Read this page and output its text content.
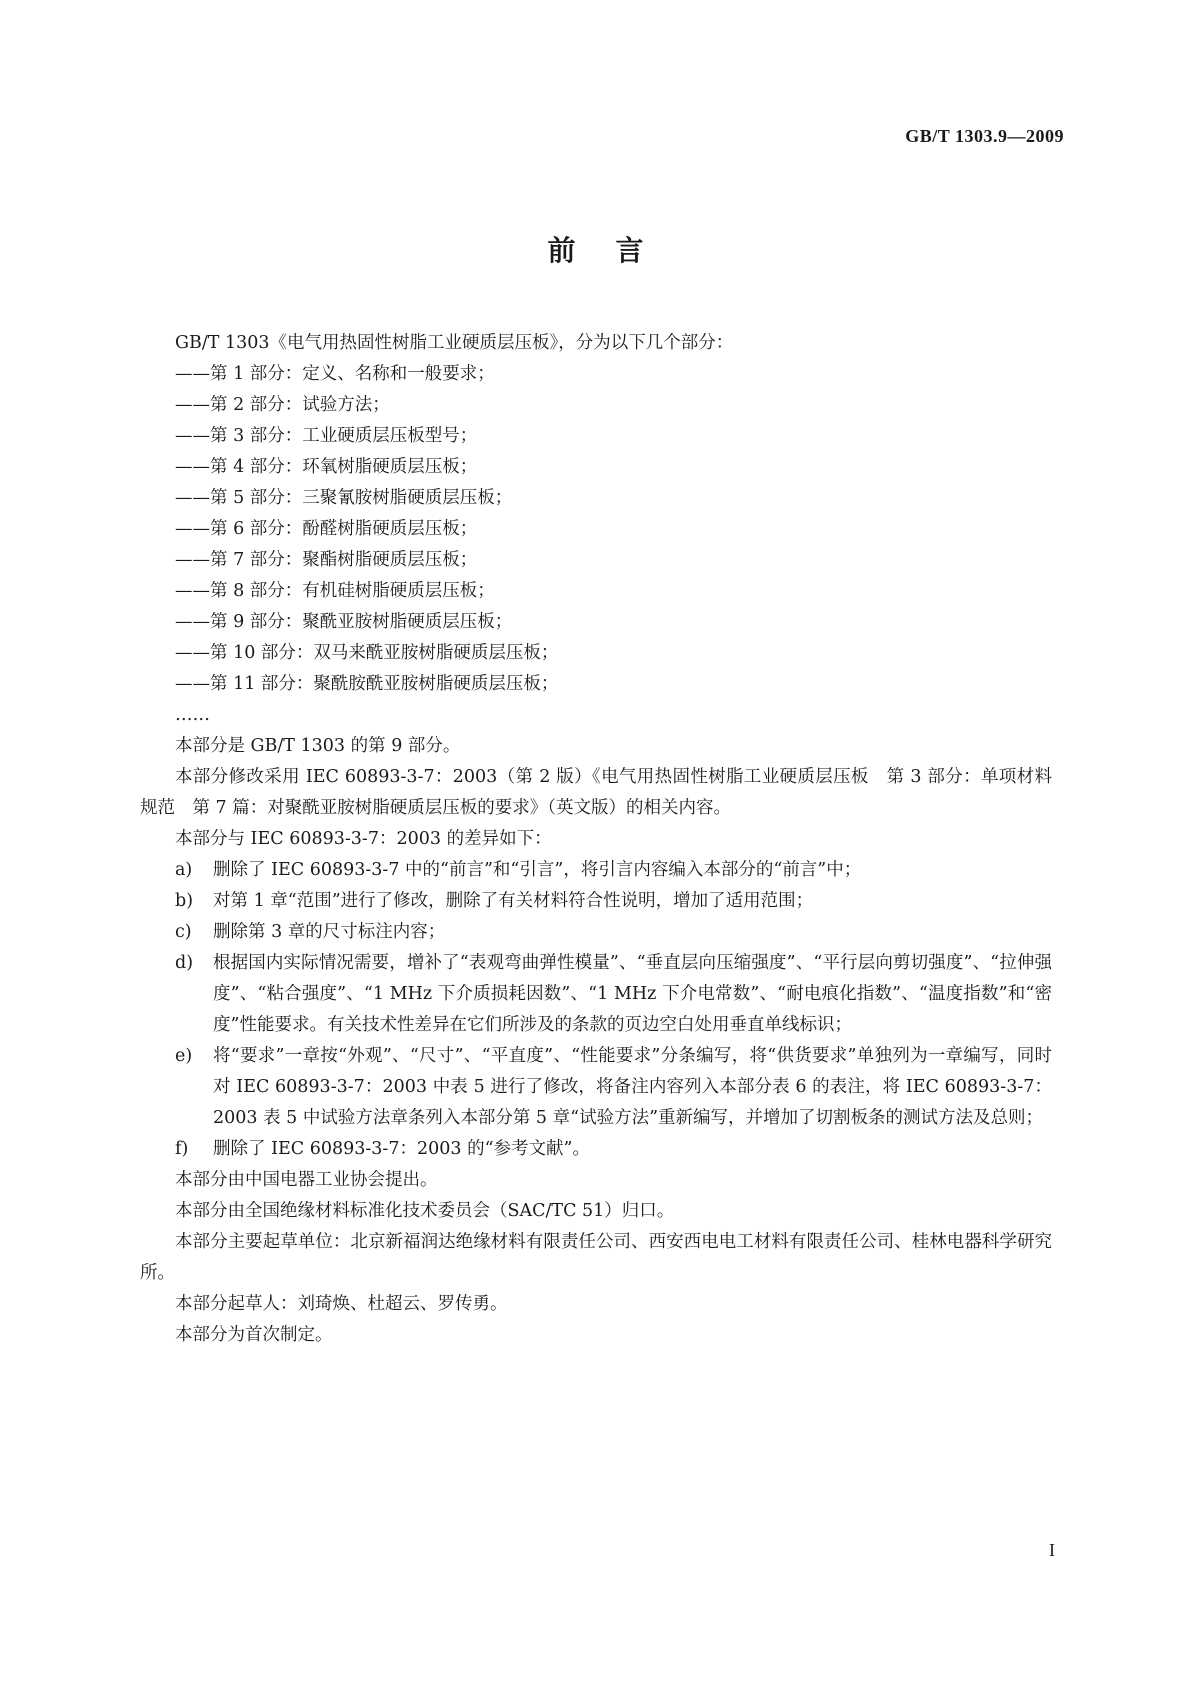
GB/T 1303.9—2009
前言

GB/T 1303《电气用热固性树脂工业硬质层压板》，分为以下几个部分：

——第 1 部分：定义、名称和一般要求；

——第 2 部分：试验方法；

——第 3 部分：工业硬质层压板型号；

——第 4 部分：环氧树脂硬质层压板；

——第 5 部分：三聚氰胺树脂硬质层压板；

——第 6 部分：酚醛树脂硬质层压板；

——第 7 部分：聚酯树脂硬质层压板；

——第 8 部分：有机硅树脂硬质层压板；

——第 9 部分：聚酰亚胺树脂硬质层压板；

——第 10 部分：双马来酰亚胺树脂硬质层压板；

——第 11 部分：聚酰胺酰亚胺树脂硬质层压板；

……

本部分是 GB/T 1303 的第 9 部分。

本部分修改采用 IEC 60893-3-7：2003（第 2 版）《电气用热固性树脂工业硬质层压板　第 3 部分：单项材料规范　第 7 篇：对聚酰亚胺树脂硬质层压板的要求》（英文版）的相关内容。

本部分与 IEC 60893-3-7：2003 的差异如下：

a)	删除了 IEC 60893-3-7 中的“前言”和“引言”，将引言内容编入本部分的“前言”中；
b)	对第 1 章“范围”进行了修改，删除了有关材料符合性说明，增加了适用范围；
c)	删除第 3 章的尺寸标注内容；
d)	根据国内实际情况需要，增补了“表观弯曲弹性模量”、“垂直层向压缩强度”、“平行层向剪切强度”、“拉伸强度”、“粘合强度”、“1 MHz 下介质损耗因数”、“1 MHz 下介电常数”、“耐电痕化指数”、“温度指数”和“密度”性能要求。有关技术性差异在它们所涉及的条款的页边空白处用垂直单线标识；
e)	将“要求”一章按“外观”、“尺寸”、“平直度”、“性能要求”分条编写，将“供货要求”单独列为一章编写，同时对 IEC 60893-3-7：2003 中表 5 进行了修改，将备注内容列入本部分表 6 的表注，将 IEC 60893-3-7：2003 表 5 中试验方法章条列入本部分第 5 章“试验方法”重新编写，并增加了切割板条的测试方法及总则；
f)	删除了 IEC 60893-3-7：2003 的“参考文献”。

本部分由中国电器工业协会提出。

本部分由全国绝缘材料标准化技术委员会（SAC/TC 51）归口。

本部分主要起草单位：北京新福润达绝缘材料有限责任公司、西安西电电工材料有限责任公司、桂林电器科学研究所。

本部分起草人：刘琦焕、杜超云、罗传勇。

本部分为首次制定。

I
